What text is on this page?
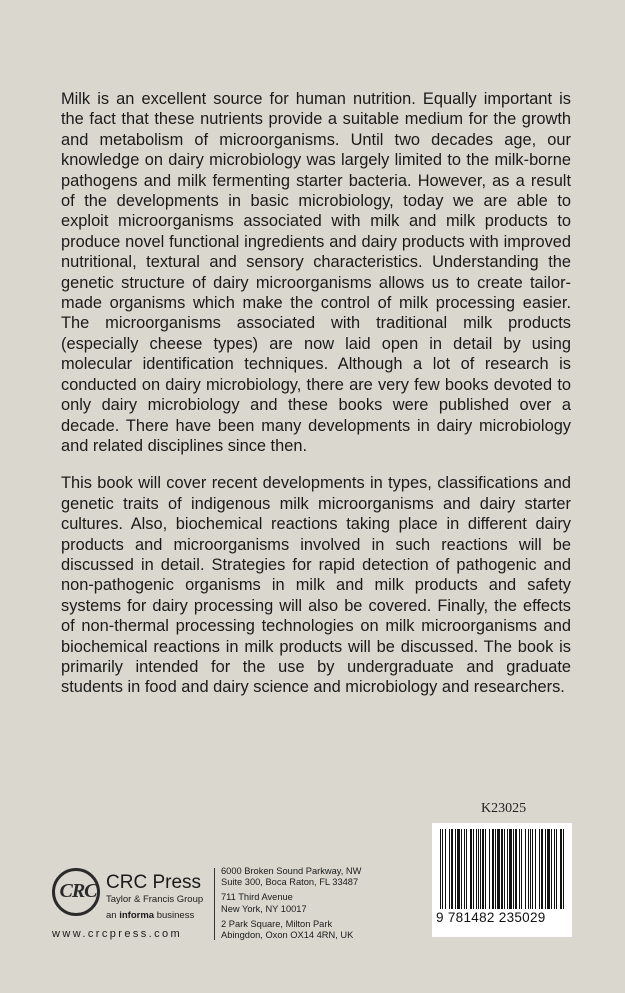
Milk is an excellent source for human nutrition. Equally important is the fact that these nutrients provide a suitable medium for the growth and metabolism of microorganisms. Until two decades age, our knowledge on dairy microbiology was largely limited to the milk-borne pathogens and milk fermenting starter bacteria. However, as a result of the developments in basic microbiology, today we are able to exploit microorganisms associated with milk and milk products to produce novel functional ingredients and dairy products with improved nutritional, textural and sensory characteristics. Understanding the genetic structure of dairy microorganisms allows us to create tailor-made organisms which make the control of milk processing easier. The microorganisms associated with traditional milk products (especially cheese types) are now laid open in detail by using molecular identification techniques. Although a lot of research is conducted on dairy microbiology, there are very few books devoted to only dairy microbiology and these books were published over a decade. There have been many developments in dairy microbiology and related disciplines since then.

This book will cover recent developments in types, classifications and genetic traits of indigenous milk microorganisms and dairy starter cultures. Also, biochemical reactions taking place in different dairy products and microorganisms involved in such reactions will be discussed in detail. Strategies for rapid detection of pathogenic and non-pathogenic organisms in milk and milk products and safety systems for dairy processing will also be covered. Finally, the effects of non-thermal processing technologies on milk microorganisms and biochemical reactions in milk products will be discussed. The book is primarily intended for the use by undergraduate and graduate students in food and dairy science and microbiology and researchers.

K23025
9 781482 235029
CRC CRC Press
Taylor & Francis Group
an informa business
www.crcpress.com
6000 Broken Sound Parkway, NW
Suite 300, Boca Raton, FL 33487
711 Third Avenue
New York, NY 10017
2 Park Square, Milton Park
Abingdon, Oxon OX14 4RN, UK
